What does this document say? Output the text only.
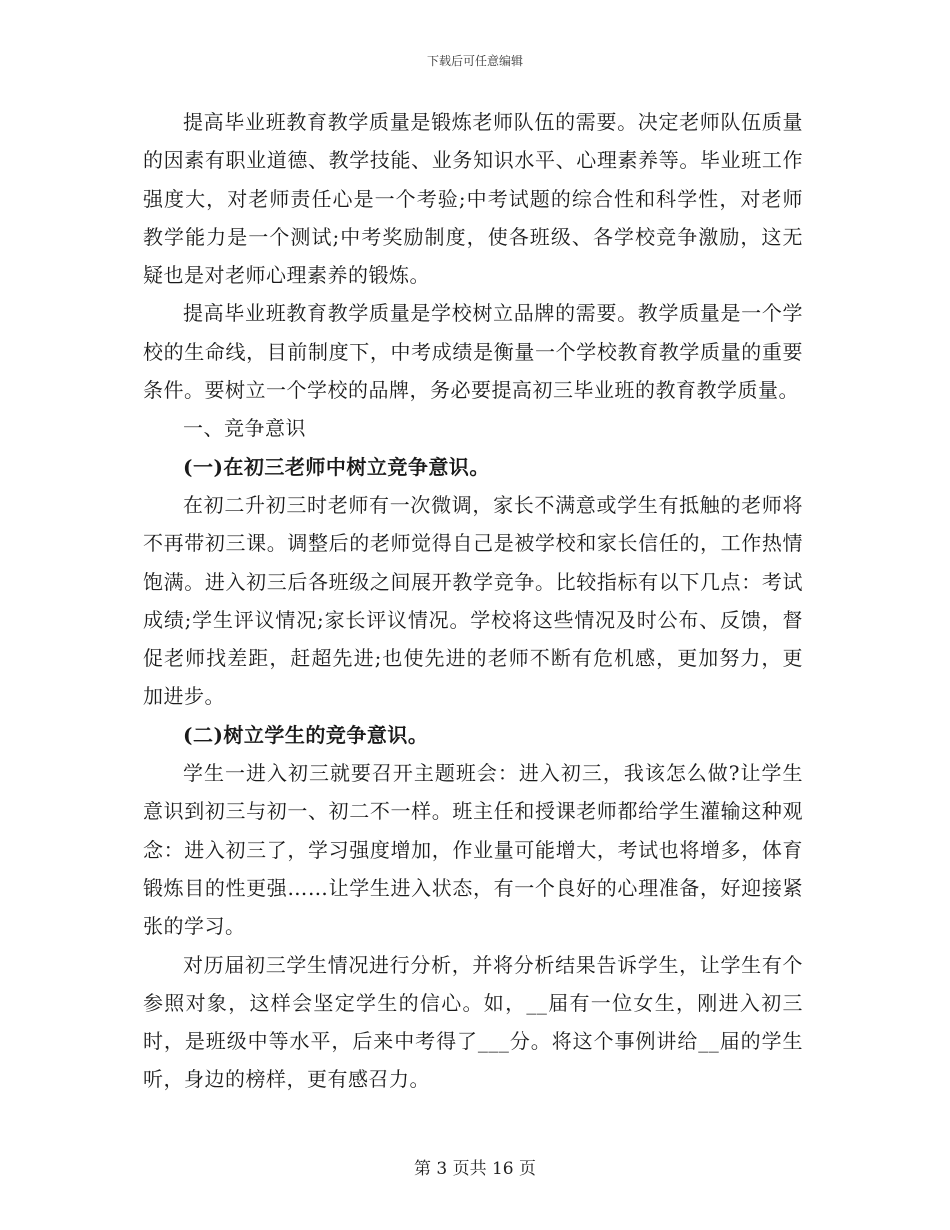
下载后可任意编辑

提高毕业班教育教学质量是锻炼老师队伍的需要。决定老师队伍质量的因素有职业道德、教学技能、业务知识水平、心理素养等。毕业班工作强度大，对老师责任心是一个考验;中考试题的综合性和科学性，对老师教学能力是一个测试;中考奖励制度，使各班级、各学校竞争激励，这无疑也是对老师心理素养的锻炼。

提高毕业班教育教学质量是学校树立品牌的需要。教学质量是一个学校的生命线，目前制度下，中考成绩是衡量一个学校教育教学质量的重要条件。要树立一个学校的品牌，务必要提高初三毕业班的教育教学质量。

一、竞争意识

(一)在初三老师中树立竞争意识。

在初二升初三时老师有一次微调，家长不满意或学生有抵触的老师将不再带初三课。调整后的老师觉得自己是被学校和家长信任的，工作热情饱满。进入初三后各班级之间展开教学竞争。比较指标有以下几点：考试成绩;学生评议情况;家长评议情况。学校将这些情况及时公布、反馈，督促老师找差距，赶超先进;也使先进的老师不断有危机感，更加努力，更加进步。

(二)树立学生的竞争意识。

学生一进入初三就要召开主题班会：进入初三，我该怎么做?让学生意识到初三与初一、初二不一样。班主任和授课老师都给学生灌输这种观念：进入初三了，学习强度增加，作业量可能增大，考试也将增多，体育锻炼目的性更强……让学生进入状态，有一个良好的心理准备，好迎接紧张的学习。

对历届初三学生情况进行分析，并将分析结果告诉学生，让学生有个参照对象，这样会坚定学生的信心。如，__届有一位女生，刚进入初三时，是班级中等水平，后来中考得了___分。将这个事例讲给__届的学生听，身边的榜样，更有感召力。

第 3 页共 16 页
